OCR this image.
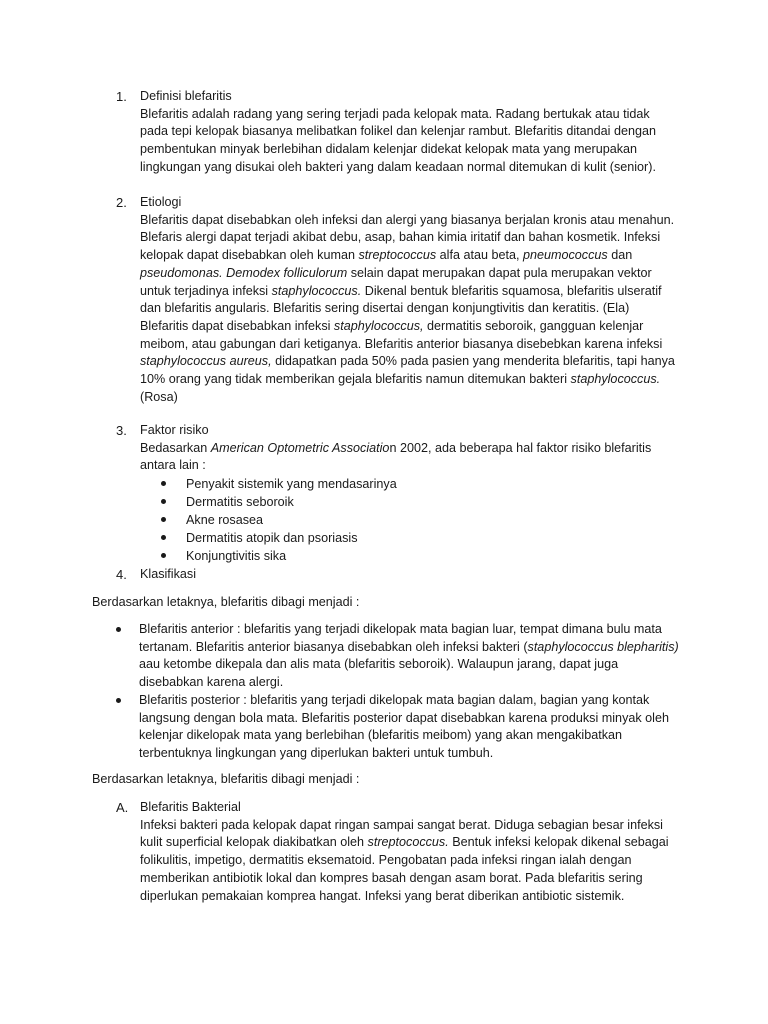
1. Definisi blefaritis
Blefaritis adalah radang yang sering terjadi pada kelopak mata. Radang bertukak atau tidak pada tepi kelopak biasanya melibatkan folikel dan kelenjar rambut. Blefaritis ditandai dengan pembentukan minyak berlebihan didalam kelenjar didekat kelopak mata yang merupakan lingkungan yang disukai oleh bakteri yang dalam keadaan normal ditemukan di kulit (senior).
2. Etiologi
Blefaritis dapat disebabkan oleh infeksi dan alergi yang biasanya berjalan kronis atau menahun. Blefaris alergi dapat terjadi akibat debu, asap, bahan kimia iritatif dan bahan kosmetik. Infeksi kelopak dapat disebabkan oleh kuman streptococcus alfa atau beta, pneumococcus dan pseudomonas. Demodex folliculorum selain dapat merupakan dapat pula merupakan vektor untuk terjadinya infeksi staphylococcus. Dikenal bentuk blefaritis squamosa, blefaritis ulseratif dan blefaritis angularis. Blefaritis sering disertai dengan konjungtivitis dan keratitis. (Ela)
Blefaritis dapat disebabkan infeksi staphylococcus, dermatitis seboroik, gangguan kelenjar meibom, atau gabungan dari ketiganya. Blefaritis anterior biasanya disebebkan karena infeksi staphylococcus aureus, didapatkan pada 50% pada pasien yang menderita blefaritis, tapi hanya 10% orang yang tidak memberikan gejala blefaritis namun ditemukan bakteri staphylococcus. (Rosa)
3. Faktor risiko
Bedasarkan American Optometric Association 2002, ada beberapa hal faktor risiko blefaritis antara lain :
Penyakit sistemik yang mendasarinya
Dermatitis seboroik
Akne rosasea
Dermatitis atopik dan psoriasis
Konjungtivitis sika
4. Klasifikasi
Berdasarkan letaknya, blefaritis dibagi menjadi :
Blefaritis anterior : blefaritis yang terjadi dikelopak mata bagian luar, tempat dimana bulu mata tertanam. Blefaritis anterior biasanya disebabkan oleh infeksi bakteri (staphylococcus blepharitis) aau ketombe dikepala dan alis mata (blefaritis seboroik). Walaupun jarang, dapat juga disebabkan karena alergi.
Blefaritis posterior : blefaritis yang terjadi dikelopak mata bagian dalam, bagian yang kontak langsung dengan bola mata. Blefaritis posterior dapat disebabkan karena produksi minyak oleh kelenjar dikelopak mata yang berlebihan (blefaritis meibom) yang akan mengakibatkan terbentuknya lingkungan yang diperlukan bakteri untuk tumbuh.
Berdasarkan letaknya, blefaritis dibagi menjadi :
A. Blefaritis Bakterial
Infeksi bakteri pada kelopak dapat ringan sampai sangat berat. Diduga sebagian besar infeksi kulit superficial kelopak diakibatkan oleh streptococcus. Bentuk infeksi kelopak dikenal sebagai folikulitis, impetigo, dermatitis eksematoid. Pengobatan pada infeksi ringan ialah dengan memberikan antibiotik lokal dan kompres basah dengan asam borat. Pada blefaritis sering diperlukan pemakaian komprea hangat. Infeksi yang berat diberikan antibiotic sistemik.
